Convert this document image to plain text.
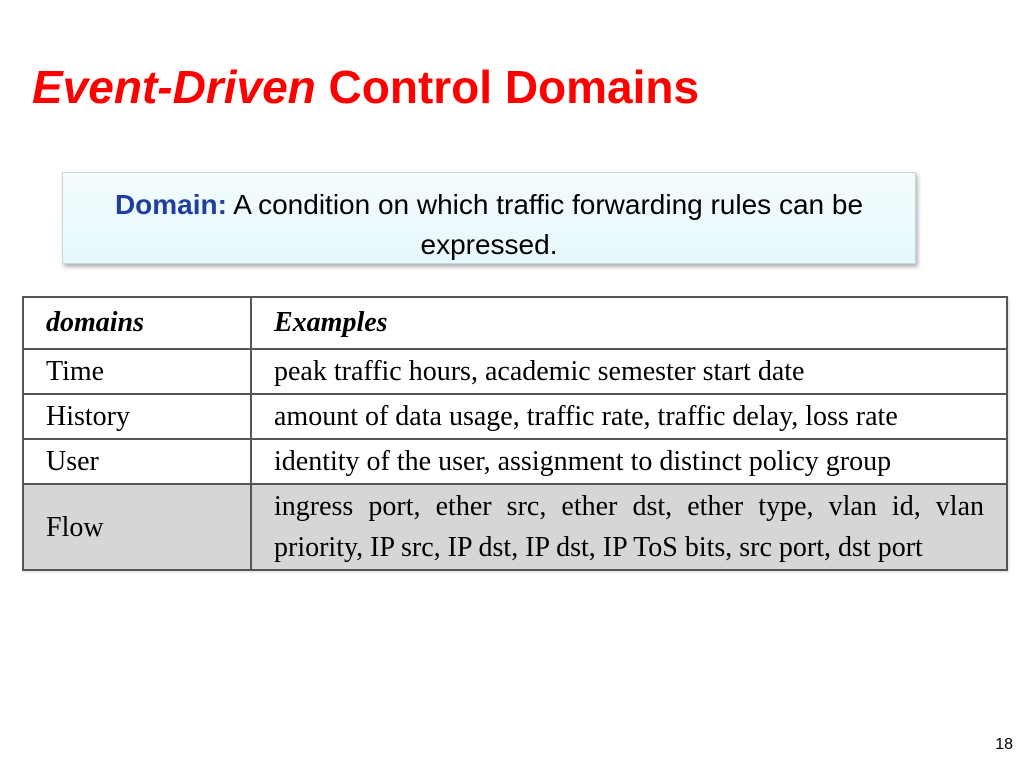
Event-Driven Control Domains
Domain: A condition on which traffic forwarding rules can be expressed.
domains	Examples
Time	peak traffic hours, academic semester start date
History	amount of data usage, traffic rate, traffic delay, loss rate
User	identity of the user, assignment to distinct policy group
Flow	ingress port, ether src, ether dst, ether type, vlan id, vlan priority, IP src, IP dst, IP dst, IP ToS bits, src port, dst port
18
